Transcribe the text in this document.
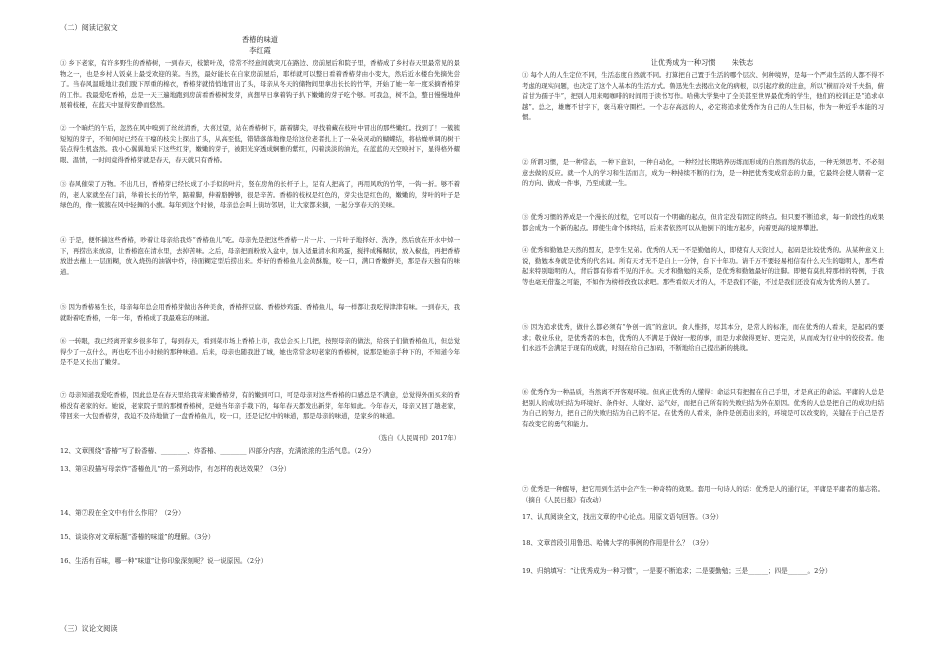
（二）阅读记叙文
香椿的味道
李红霞
① 乡下老家，有许多野生的香椿树，一到春天，枝繁叶茂，常常不经意间就突兀在路边、房前屋后和院子里，香椿成了乡村春天里最常见的景物之一，也是乡村人饭桌上最受欢迎的菜。当然，最好能长在自家房前屋后，耶样就可以整日看着香椿芽由小变大，然后近水楼台先摘先尝了。当春风温暖地让我们脱下厚重的棉衣，香椿芽就悄悄地冒出了头，母亲从冬天的储物间里拿出长长的竹竿，开始了她一年一度采摘香椿芽的工作。我最爱吃香椿，总是一天三遍地跑到房前看香椿树发芽，真想早日拿着钩子扒下嫩嫩的芽子吃个够。可我急，树不急，整日慢慢地伸展着枝桠，在蓝天中显得安静而悠然。
② 一个晌烂的午后，忽然在风中嗅到了丝丝清香，大喜过望，站在香椿树下，踮着脚尖，寻找着藏在枝叶中冒出的那些嫩红。找到了！一簇簇短短的芽子，不知何时已经在干瘪的枝尖上探出了头，从高至低，错错落落地像是给这位老者扎上了一朵朵灵动的蝴蝶结，将枯燥单调的树干装点得生机盎然。我小心翼翼地采下这些红芽，嫩嫩的芽子，被阳光穿透成娴雅的紫红，闪着淡淡的油光，在蓝蓝的天空映衬下，显得格外耀眼、温情，一时间竟得香椿芽就是春天，春天就只有香椿。
③ 春风催荣了万物。不出几日，香椿芽已经长成了小手似的叶片，竖在房角的长杆子上，足有人把高了，再用风吹的竹竿，一钩一折。够不着的，老人家就坐在门前，举着长长的竹竿，踮着脚，伸着胳膊够，很是辛苦。香椿的枝权是红色的，芽尖也是红色的，嫩嫩的，芽叶的叶子是绿色的，像一簇簇在风中轻舞的小旗。每年到这个时候，母亲总会叫上街坊邻居，让大家都来摘，一起分享春天的美味。
④ 于是，便怀揣这些香椿，吵着让母亲给我炸“香椿鱼儿”吃。母亲先是把这些香椿一片一片、一片叶子地择好、洗净，然后放在开水中焯一下，再捞出来放凉，让香椿泡在清水里，去掉苦味。之后，母亲把面粉放入盆中，加入适量清水和鸡蛋，搅拌成稀糊状，放入椒盐，再把香椿放进去蘸上一层面糊，放入烧热的油锅中炸，待面糊定型后捞出来。炸好的香椿鱼儿金黄酥脆，咬一口，满口香嫩鲜美，那是春天独有的味道。
⑤ 因为香椿易生长，母亲每年总会用香椿芽做出各种美食，香椿拌豆腐、香椿炒鸡蛋、香椿鱼儿，每一样都让我吃得津津有味。一到春天，我就盼着吃香椿，一年一年，香椿成了我最难忘的味道。
⑥ 一转眼，我已经离开家乡很多年了，每到春天，看到菜市场上香椿上市，我总会买上几把，按照母亲的做法，给孩子们做香椿鱼儿，但总觉得少了一点什么，再也吃不出小时候的那种味道。后来，母亲也随我进了城，她也常常念叨老家的香椿树，说那是她亲手种下的，不知道今年是不是又长出了嫩芽。
⑦ 母亲知道我爱吃香椿，因此总是在春天里给我寄来嫩香椿芽，有的嫩到可口，可是母亲对这些香椿的口感总是不满意，总觉得外面买来的香椿没有老家的好。她说，老家院子里的那棵香椿树，是她当年亲手栽下的，每年春天都发出新芽，年年如此。今年春天，母亲又回了趟老家，带回来一大包香椿芽，我迫不及待地做了一盘香椿鱼儿，咬一口，还是记忆中的味道，那是母亲的味道，是家乡的味道。
（选自《人民周刊》2017年）
12、文章围绕“香椿”写了盼香椿、________、炸香椿、________ 四部分内容，充满浓浓的生活气息。（2分）
13、第④段描写母亲炸“香椿鱼儿”的一系列动作，有怎样的表达效果？（3分）
14、第⑦段在全文中有什么作用？（2分）
15、谈谈你对文章标题“香椿的味道”的理解。（3分）
16、生活有百味，哪一种“味道”让你印象深刻呢？说一说原因。（2分）
（三）议论文阅读
让优秀成为一种习惯 朱铁志
① 每个人的人生定位不同，生活态度自然就不同。打算把自己置于生活的哪个层次、何种境界，是每一个严肃生活的人都不得不考虑的现实问题，也决定了这个人基本的生活方式。鲁迅先生去揭出文化的病根，以引起疗救的注意，所以“横眉冷对千夫指，俯首甘为孺子牛”，把别人用来喝咖啡的时间用于读书写作。哈佛大学集中了全美甚至世界最优秀的学生，他们的校训正是“追求卓越”。总之，雄鹰不甘宇下，褒马难守圈栏。一个志存高远的人，必定将追求优秀作为自己的人生目标，作为一种近乎本能的习惯。
② 所谓习惯，是一种常态，一种下意识，一种自动化，一种经过长期培养历练而形成的自然而然的状态，一种无须思考、不必刻意去做的反应。就一个人的学习和生活而言，成为一种持续不断的行为，是一种把优秀变成常态的力量，它最终会使人朝着一定的方向、做成一件事，乃至成就一生。
③ 优秀习惯的养成是一个漫长的过程，它可以有一个明确的起点，但肯定没有固定的终点。但只要不断追求，每一阶段性的成果都会成为一个新的起点。即使生命个体终结，后来者依然可以从他倒下的地方起步，向着更高的境界攀进。
④ 优秀和勤勉是天然的盟友，是孪生兄弟。优秀的人无一不是勤勉的人，即使有人天资过人，起码是比较优秀的。从某种意义上说，勤勉本身就是优秀的代名词。所有天才无不是自上一分钟，台下十年功。请千万不要轻易相信有什么天生的聪明人，那些看起来特别聪明的人，背后都有你看不见的汗水。天才和勤勉的关系，是优秀和勤勉最好的注脚。即便有莫扎特那样的特例，于我等也毫无借鉴之可能，不如作为榜样孜孜以求吧。那些看似天才的人，不是我们不能，不过是我们还没有成为优秀的人罢了。
⑤ 因为追求优秀，做什么都必须有“争创一流”的意识。食人惟择，尽其本分，是常人的标准，而在优秀的人看来，是起码的要求；敬业乐业，是优秀者的本色，优秀的人不满足于做好一般的事，而是力求做得更好、更完美，从而成为行业中的佼佼者。他们永远不会满足于现有的成就，时刻在给自己加码，不断地给自己提出新的挑战。
⑥ 优秀作为一种品质，当然离不开客观环境。但真正优秀的人懂得：命运只有把握在自己手里，才是真正的命运。平庸的人总是把别人的成功归结为环境好、条件好、人缘好、运气好，而把自己所有的失败归结为外在原因。优秀的人总是把自己的成功归结为自己的努力，把自己的失败归结为自己的不足。在优秀的人看来，条件是创造出来的，环境是可以改变的，关键在于自己是否有改变它的勇气和能力。
⑦ 优秀是一种醒导，把它用到生活中会产生一种奇特的效果。套用一句诗人的话：优秀是人的通行证，平庸是平庸者的墓志铭。（摘自《人民日报》有改动）
17、认真阅读全文，找出文章的中心论点。用原文语句回答。（3分）
18、文章首段引用鲁迅、哈佛大学的事例的作用是什么？（3分）
19、归纳填写：“让优秀成为一种习惯”，一是要不断追求；二是要勤勉；三是______；四是______。2分）
